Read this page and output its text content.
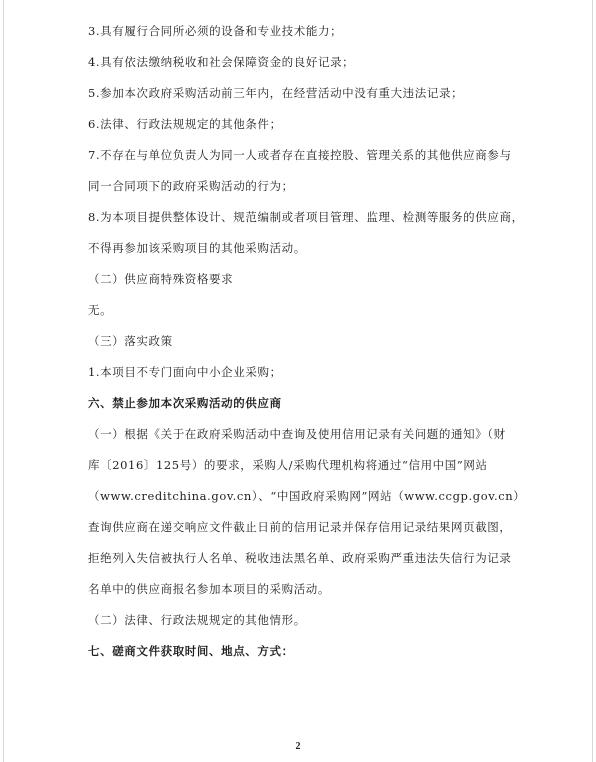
3.具有履行合同所必须的设备和专业技术能力；

4.具有依法缴纳税收和社会保障资金的良好记录；

5.参加本次政府采购活动前三年内，在经营活动中没有重大违法记录；

6.法律、行政法规规定的其他条件；

7.不存在与单位负责人为同一人或者存在直接控股、管理关系的其他供应商参与

同一合同项下的政府采购活动的行为；

8.为本项目提供整体设计、规范编制或者项目管理、监理、检测等服务的供应商，

不得再参加该采购项目的其他采购活动。

（二）供应商特殊资格要求

无。

（三）落实政策

1.本项目不专门面向中小企业采购；

六、禁止参加本次采购活动的供应商

（一）根据《关于在政府采购活动中查询及使用信用记录有关问题的通知》（财

库〔2016〕125号）的要求，采购人/采购代理机构将通过“信用中国”网站

（www.creditchina.gov.cn）、“中国政府采购网”网站（www.ccgp.gov.cn）

查询供应商在递交响应文件截止日前的信用记录并保存信用记录结果网页截图，

拒绝列入失信被执行人名单、税收违法黑名单、政府采购严重违法失信行为记录

名单中的供应商报名参加本项目的采购活动。

（二）法律、行政法规规定的其他情形。

七、磋商文件获取时间、地点、方式：

2
